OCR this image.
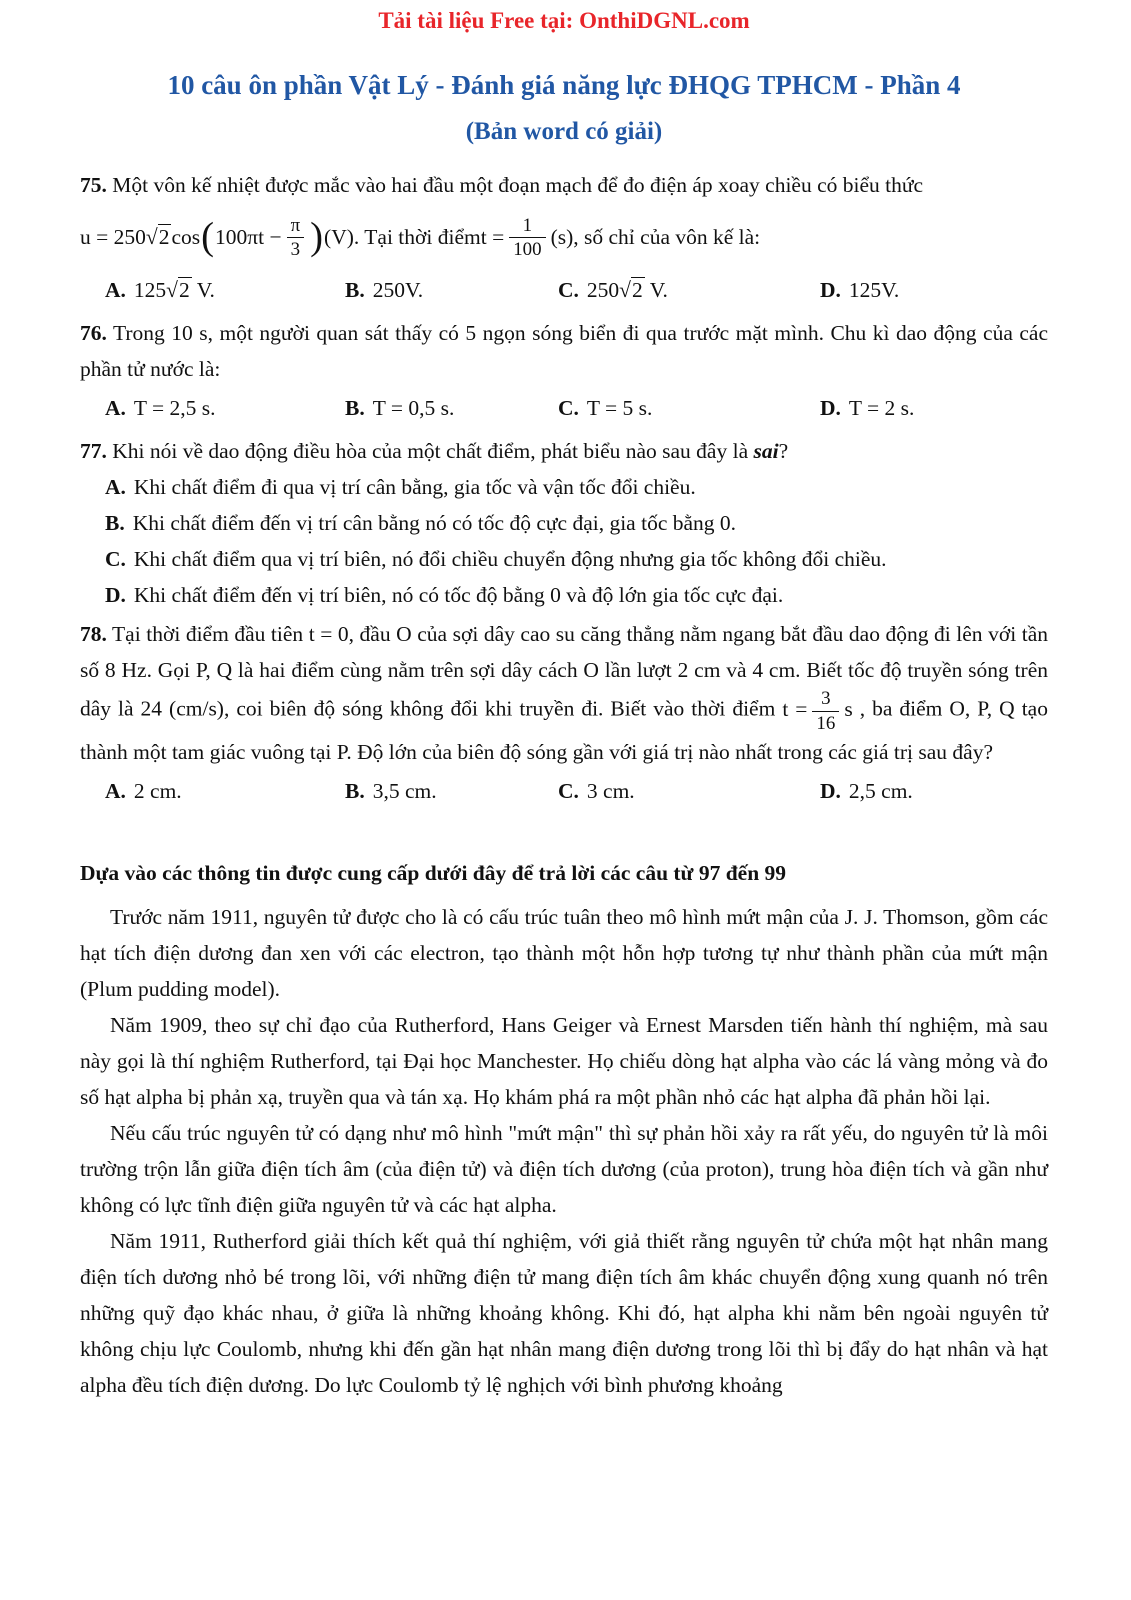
Tải tài liệu Free tại: OnthiDGNL.com
10 câu ôn phần Vật Lý - Đánh giá năng lực ĐHQG TPHCM - Phần 4
(Bản word có giải)

75. Một vôn kế nhiệt được mắc vào hai đầu một đoạn mạch để đo điện áp xoay chiều có biểu thức

u = 250 √2 cos ( $100\pi t - \frac{\pi}{3}$ ) (V) . Tại thời điểm $t = \frac{1}{100} (s)$ , số chỉ của vôn kế là:
A. 125√2 V.	B. 250V.	C. 250√2 V.	D. 125V.

76. Trong 10 s, một người quan sát thấy có 5 ngọn sóng biển đi qua trước mặt mình. Chu kì dao động của các phần tử nước là:

A. T = 2,5 s.	B. T = 0,5 s.	C. T = 5 s.	D. T = 2 s.

77. Khi nói về dao động điều hòa của một chất điểm, phát biểu nào sau đây là sai?

A. Khi chất điểm đi qua vị trí cân bằng, gia tốc và vận tốc đổi chiều.

B. Khi chất điểm đến vị trí cân bằng nó có tốc độ cực đại, gia tốc bằng 0.

C. Khi chất điểm qua vị trí biên, nó đổi chiều chuyển động nhưng gia tốc không đổi chiều.

D. Khi chất điểm đến vị trí biên, nó có tốc độ bằng 0 và độ lớn gia tốc cực đại.

78. Tại thời điểm đầu tiên t = 0, đầu O của sợi dây cao su căng thẳng nằm ngang bắt đầu dao động đi lên với tần số 8 Hz. Gọi P, Q là hai điểm cùng nằm trên sợi dây cách O lần lượt 2 cm và 4 cm. Biết tốc độ truyền sóng trên dây là 24 (cm/s), coi biên độ sóng không đổi khi truyền đi. Biết vào thời điểm $t = \frac{3}{16}$ s , ba điểm O, P, Q tạo thành một tam giác vuông tại P. Độ lớn của biên độ sóng gần với giá trị nào nhất trong các giá trị sau đây?

A. 2 cm.	B. 3,5 cm.	C. 3 cm.	D. 2,5 cm.

Dựa vào các thông tin được cung cấp dưới đây để trả lời các câu từ 97 đến 99

Trước năm 1911, nguyên tử được cho là có cấu trúc tuân theo mô hình mứt mận của J. J. Thomson, gồm các hạt tích điện dương đan xen với các electron, tạo thành một hỗn hợp tương tự như thành phần của mứt mận (Plum pudding model).

Năm 1909, theo sự chỉ đạo của Rutherford, Hans Geiger và Ernest Marsden tiến hành thí nghiệm, mà sau này gọi là thí nghiệm Rutherford, tại Đại học Manchester. Họ chiếu dòng hạt alpha vào các lá vàng mỏng và đo số hạt alpha bị phản xạ, truyền qua và tán xạ. Họ khám phá ra một phần nhỏ các hạt alpha đã phản hồi lại.

Nếu cấu trúc nguyên tử có dạng như mô hình "mứt mận" thì sự phản hồi xảy ra rất yếu, do nguyên tử là môi trường trộn lẫn giữa điện tích âm (của điện tử) và điện tích dương (của proton), trung hòa điện tích và gần như không có lực tĩnh điện giữa nguyên tử và các hạt alpha.

Năm 1911, Rutherford giải thích kết quả thí nghiệm, với giả thiết rằng nguyên tử chứa một hạt nhân mang điện tích dương nhỏ bé trong lõi, với những điện tử mang điện tích âm khác chuyển động xung quanh nó trên những quỹ đạo khác nhau, ở giữa là những khoảng không. Khi đó, hạt alpha khi nằm bên ngoài nguyên tử không chịu lực Coulomb, nhưng khi đến gần hạt nhân mang điện dương trong lõi thì bị đẩy do hạt nhân và hạt alpha đều tích điện dương. Do lực Coulomb tỷ lệ nghịch với bình phương khoảng
